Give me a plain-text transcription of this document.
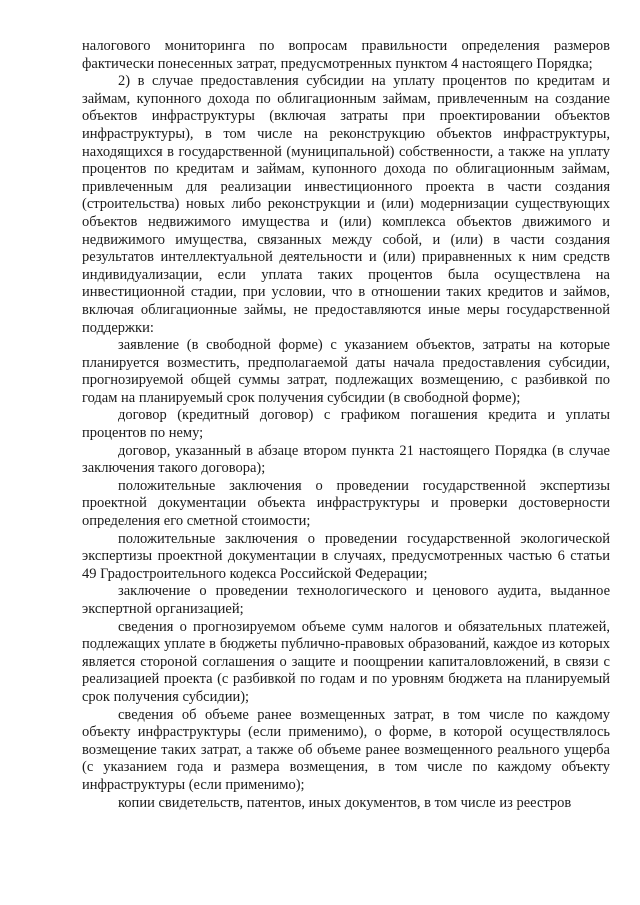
налогового мониторинга по вопросам правильности определения размеров фактически понесенных затрат, предусмотренных пунктом 4 настоящего Порядка;

2) в случае предоставления субсидии на уплату процентов по кредитам и займам, купонного дохода по облигационным займам, привлеченным на создание объектов инфраструктуры (включая затраты при проектировании объектов инфраструктуры), в том числе на реконструкцию объектов инфраструктуры, находящихся в государственной (муниципальной) собственности, а также на уплату процентов по кредитам и займам, купонного дохода по облигационным займам, привлеченным для реализации инвестиционного проекта в части создания (строительства) новых либо реконструкции и (или) модернизации существующих объектов недвижимого имущества и (или) комплекса объектов движимого и недвижимого имущества, связанных между собой, и (или) в части создания результатов интеллектуальной деятельности и (или) приравненных к ним средств индивидуализации, если уплата таких процентов была осуществлена на инвестиционной стадии, при условии, что в отношении таких кредитов и займов, включая облигационные займы, не предоставляются иные меры государственной поддержки:

заявление (в свободной форме) с указанием объектов, затраты на которые планируется возместить, предполагаемой даты начала предоставления субсидии, прогнозируемой общей суммы затрат, подлежащих возмещению, с разбивкой по годам на планируемый срок получения субсидии (в свободной форме);

договор (кредитный договор) с графиком погашения кредита и уплаты процентов по нему;

договор, указанный в абзаце втором пункта 21 настоящего Порядка (в случае заключения такого договора);

положительные заключения о проведении государственной экспертизы проектной документации объекта инфраструктуры и проверки достоверности определения его сметной стоимости;

положительные заключения о проведении государственной экологической экспертизы проектной документации в случаях, предусмотренных частью 6 статьи 49 Градостроительного кодекса Российской Федерации;

заключение о проведении технологического и ценового аудита, выданное экспертной организацией;

сведения о прогнозируемом объеме сумм налогов и обязательных платежей, подлежащих уплате в бюджеты публично-правовых образований, каждое из которых является стороной соглашения о защите и поощрении капиталовложений, в связи с реализацией проекта (с разбивкой по годам и по уровням бюджета на планируемый срок получения субсидии);

сведения об объеме ранее возмещенных затрат, в том числе по каждому объекту инфраструктуры (если применимо), о форме, в которой осуществлялось возмещение таких затрат, а также об объеме ранее возмещенного реального ущерба (с указанием года и размера возмещения, в том числе по каждому объекту инфраструктуры (если применимо);

копии свидетельств, патентов, иных документов, в том числе из реестров
